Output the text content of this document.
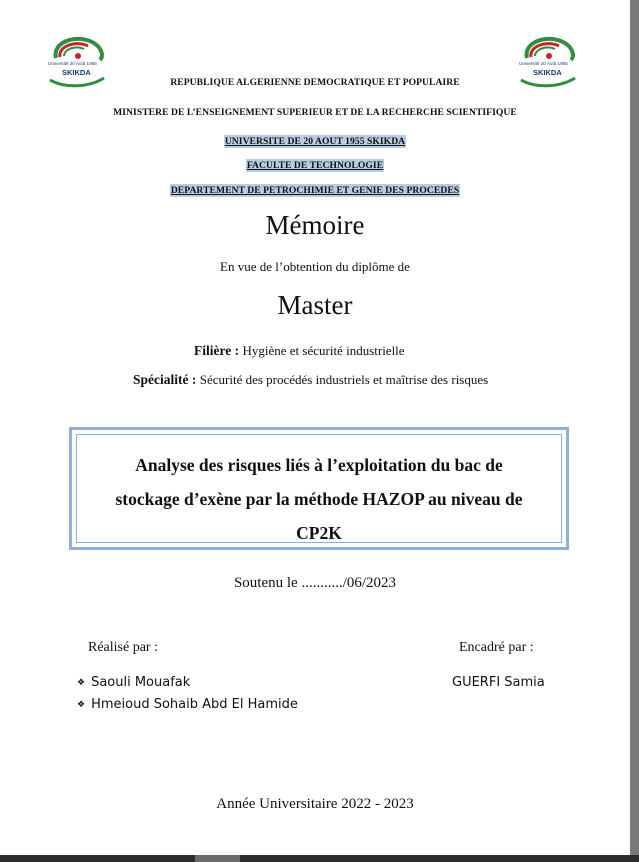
Université 20 Août 1955
SKIKDA
Université 20 Août 1955
SKIKDA
REPUBLIQUE ALGERIENNE DEMOCRATIQUE ET POPULAIRE
MINISTERE DE L’ENSEIGNEMENT SUPERIEUR ET DE LA RECHERCHE SCIENTIFIQUE
UNIVERSITE DE 20 AOUT 1955 SKIKDA
FACULTE DE TECHNOLOGIE
DEPARTEMENT DE PETROCHIMIE ET GENIE DES PROCEDES
Mémoire
En vue de l’obtention du diplôme de
Master
Filière : Hygiène et sécurité industrielle
Spécialité : Sécurité des procédés industriels et maîtrise des risques
Analyse des risques liés à l’exploitation du bac de
stockage d’exène par la méthode HAZOP au niveau de
CP2K
Soutenu le .........../06/2023
Réalisé par :	Encadré par :
❖ Saouli Mouafak
❖ Hmeioud Sohaib Abd El Hamide
GUERFI Samia
Année Universitaire 2022 - 2023
